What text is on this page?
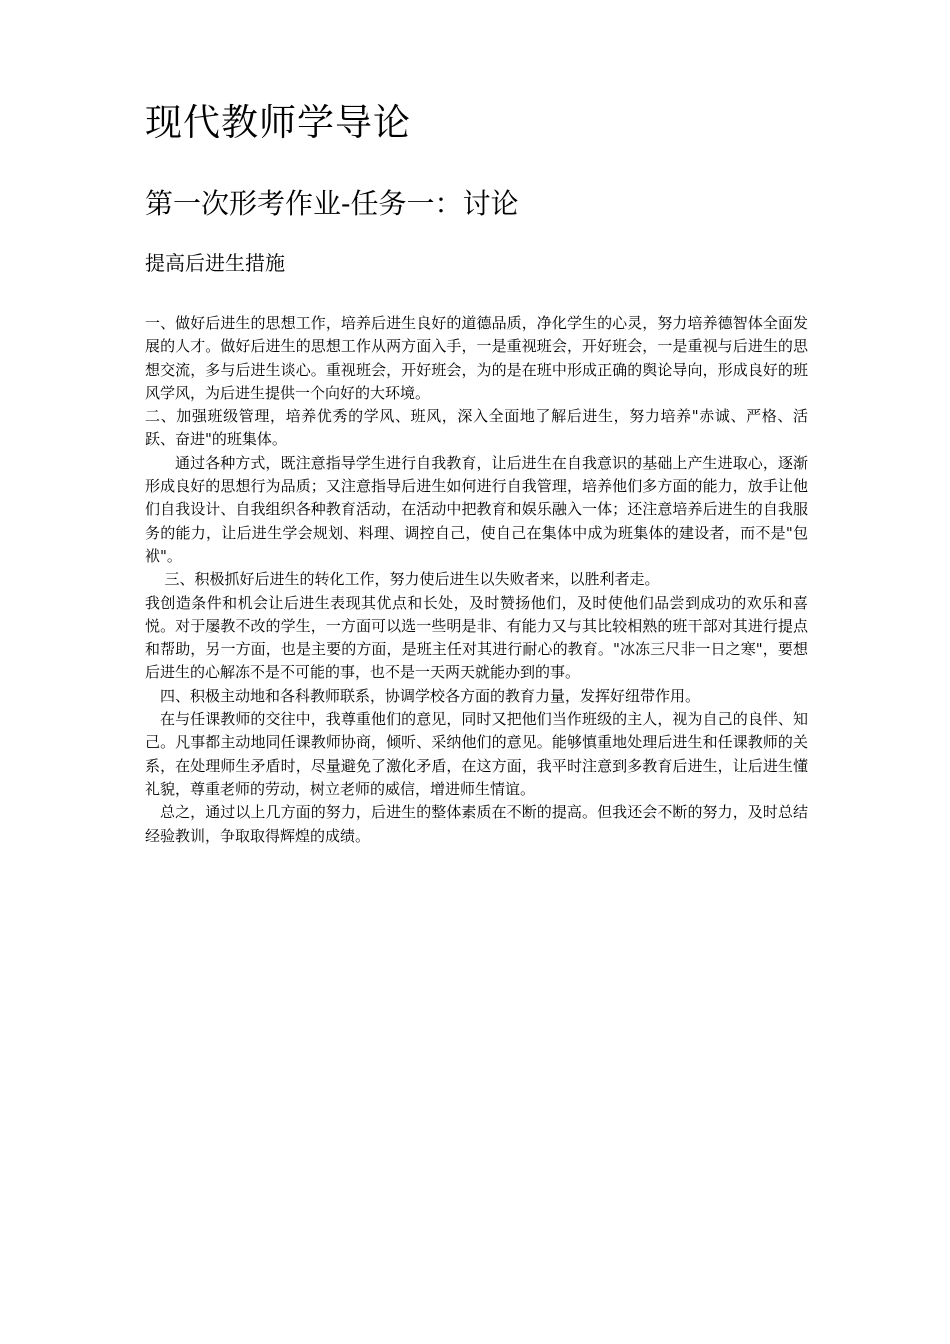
现代教师学导论
第一次形考作业-任务一：讨论
提高后进生措施

一、做好后进生的思想工作，培养后进生良好的道德品质，净化学生的心灵，努力培养德智体全面发展的人才。做好后进生的思想工作从两方面入手，一是重视班会，开好班会，一是重视与后进生的思想交流，多与后进生谈心。重视班会，开好班会，为的是在班中形成正确的舆论导向，形成良好的班风学风，为后进生提供一个向好的大环境。

二、加强班级管理，培养优秀的学风、班风，深入全面地了解后进生，努力培养"赤诚、严格、活跃、奋进"的班集体。

通过各种方式，既注意指导学生进行自我教育，让后进生在自我意识的基础上产生进取心，逐渐形成良好的思想行为品质；又注意指导后进生如何进行自我管理，培养他们多方面的能力，放手让他们自我设计、自我组织各种教育活动，在活动中把教育和娱乐融入一体；还注意培养后进生的自我服务的能力，让后进生学会规划、料理、调控自己，使自己在集体中成为班集体的建设者，而不是"包袱"。

三、积极抓好后进生的转化工作，努力使后进生以失败者来，以胜利者走。

我创造条件和机会让后进生表现其优点和长处，及时赞扬他们，及时使他们品尝到成功的欢乐和喜悦。对于屡教不改的学生，一方面可以选一些明是非、有能力又与其比较相熟的班干部对其进行提点和帮助，另一方面，也是主要的方面，是班主任对其进行耐心的教育。"冰冻三尺非一日之寒"，要想后进生的心解冻不是不可能的事，也不是一天两天就能办到的事。

四、积极主动地和各科教师联系，协调学校各方面的教育力量，发挥好纽带作用。

在与任课教师的交往中，我尊重他们的意见，同时又把他们当作班级的主人，视为自己的良伴、知己。凡事都主动地同任课教师协商，倾听、采纳他们的意见。能够慎重地处理后进生和任课教师的关系，在处理师生矛盾时，尽量避免了激化矛盾，在这方面，我平时注意到多教育后进生，让后进生懂礼貌，尊重老师的劳动，树立老师的威信，增进师生情谊。

总之，通过以上几方面的努力，后进生的整体素质在不断的提高。但我还会不断的努力，及时总结经验教训，争取取得辉煌的成绩。
